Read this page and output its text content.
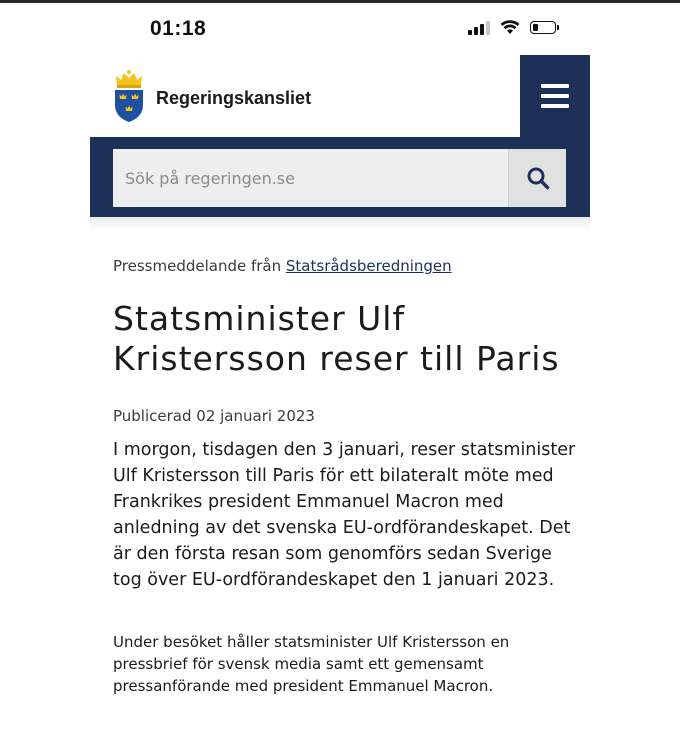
01:18
Regeringskansliet
Sök på regeringen.se

Pressmeddelande från Statsrådsberedningen

Statsminister Ulf Kristersson reser till Paris

Publicerad 02 januari 2023

I morgon, tisdagen den 3 januari, reser statsminister Ulf Kristersson till Paris för ett bilateralt möte med Frankrikes president Emmanuel Macron med anledning av det svenska EU-ordförandeskapet. Det är den första resan som genomförs sedan Sverige tog över EU-ordförandeskapet den 1 januari 2023.

Under besöket håller statsminister Ulf Kristersson en pressbrief för svensk media samt ett gemensamt pressanförande med president Emmanuel Macron.
